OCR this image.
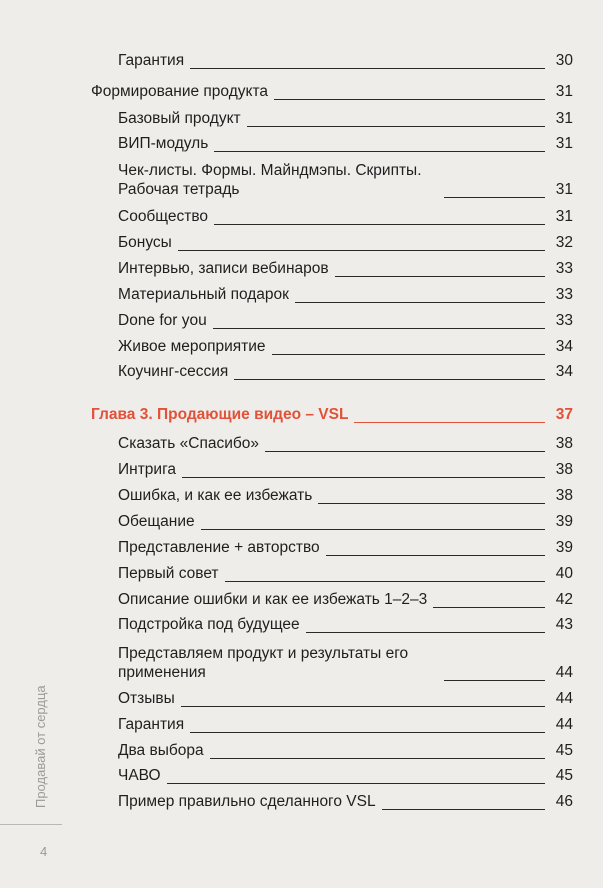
Гарантия	30
Формирование продукта	31
Базовый продукт	31
ВИП-модуль	31
Чек-листы. Формы. Майндмэпы. Скрипты. Рабочая тетрадь	31
Сообщество	31
Бонусы	32
Интервью, записи вебинаров	33
Материальный подарок	33
Done for you	33
Живое мероприятие	34
Коучинг-сессия	34
Глава 3. Продающие видео – VSL	37
Сказать «Спасибо»	38
Интрига	38
Ошибка, и как ее избежать	38
Обещание	39
Представление + авторство	39
Первый совет	40
Описание ошибки и как ее избежать 1–2–3	42
Подстройка под будущее	43
Представляем продукт и результаты его применения	44
Отзывы	44
Гарантия	44
Два выбора	45
ЧАВО	45
Пример правильно сделанного VSL	46
Продавай от сердца
4
